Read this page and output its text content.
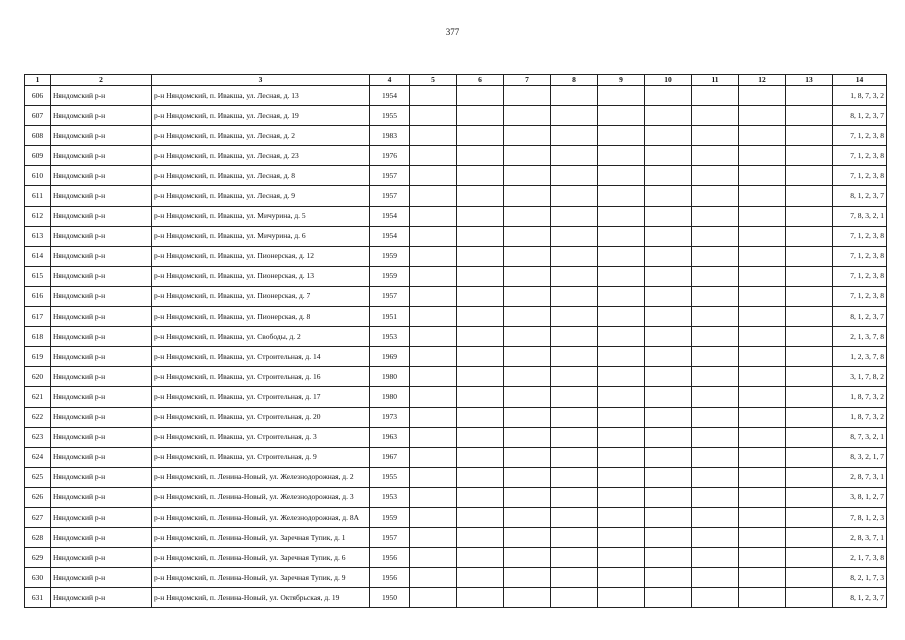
377
1	2	3	4	5	6	7	8	9	10	11	12	13	14
606	Няндомский р-н	р-н Няндомский, п. Ивакша, ул. Лесная, д. 13	1954										1, 8, 7, 3, 2
607	Няндомский р-н	р-н Няндомский, п. Ивакша, ул. Лесная, д. 19	1955										8, 1, 2, 3, 7
608	Няндомский р-н	р-н Няндомский, п. Ивакша, ул. Лесная, д. 2	1983										7, 1, 2, 3, 8
609	Няндомский р-н	р-н Няндомский, п. Ивакша, ул. Лесная, д. 23	1976										7, 1, 2, 3, 8
610	Няндомский р-н	р-н Няндомский, п. Ивакша, ул. Лесная, д. 8	1957										7, 1, 2, 3, 8
611	Няндомский р-н	р-н Няндомский, п. Ивакша, ул. Лесная, д. 9	1957										8, 1, 2, 3, 7
612	Няндомский р-н	р-н Няндомский, п. Ивакша, ул. Мичурина, д. 5	1954										7, 8, 3, 2, 1
613	Няндомский р-н	р-н Няндомский, п. Ивакша, ул. Мичурина, д. 6	1954										7, 1, 2, 3, 8
614	Няндомский р-н	р-н Няндомский, п. Ивакша, ул. Пионерская, д. 12	1959										7, 1, 2, 3, 8
615	Няндомский р-н	р-н Няндомский, п. Ивакша, ул. Пионерская, д. 13	1959										7, 1, 2, 3, 8
616	Няндомский р-н	р-н Няндомский, п. Ивакша, ул. Пионерская, д. 7	1957										7, 1, 2, 3, 8
617	Няндомский р-н	р-н Няндомский, п. Ивакша, ул. Пионерская, д. 8	1951										8, 1, 2, 3, 7
618	Няндомский р-н	р-н Няндомский, п. Ивакша, ул. Свободы, д. 2	1953										2, 1, 3, 7, 8
619	Няндомский р-н	р-н Няндомский, п. Ивакша, ул. Строительная, д. 14	1969										1, 2, 3, 7, 8
620	Няндомский р-н	р-н Няндомский, п. Ивакша, ул. Строительная, д. 16	1980										3, 1, 7, 8, 2
621	Няндомский р-н	р-н Няндомский, п. Ивакша, ул. Строительная, д. 17	1980										1, 8, 7, 3, 2
622	Няндомский р-н	р-н Няндомский, п. Ивакша, ул. Строительная, д. 20	1973										1, 8, 7, 3, 2
623	Няндомский р-н	р-н Няндомский, п. Ивакша, ул. Строительная, д. 3	1963										8, 7, 3, 2, 1
624	Няндомский р-н	р-н Няндомский, п. Ивакша, ул. Строительная, д. 9	1967										8, 3, 2, 1, 7
625	Няндомский р-н	р-н Няндомский, п. Ленина-Новый, ул. Железнодорожная, д. 2	1955										2, 8, 7, 3, 1
626	Няндомский р-н	р-н Няндомский, п. Ленина-Новый, ул. Железнодорожная, д. 3	1953										3, 8, 1, 2, 7
627	Няндомский р-н	р-н Няндомский, п. Ленина-Новый, ул. Железнодорожная, д. 8А	1959										7, 8, 1, 2, 3
628	Няндомский р-н	р-н Няндомский, п. Ленина-Новый, ул. Заречная Тупик, д. 1	1957										2, 8, 3, 7, 1
629	Няндомский р-н	р-н Няндомский, п. Ленина-Новый, ул. Заречная Тупик, д. 6	1956										2, 1, 7, 3, 8
630	Няндомский р-н	р-н Няндомский, п. Ленина-Новый, ул. Заречная Тупик, д. 9	1956										8, 2, 1, 7, 3
631	Няндомский р-н	р-н Няндомский, п. Ленина-Новый, ул. Октябрьская, д. 19	1950										8, 1, 2, 3, 7
